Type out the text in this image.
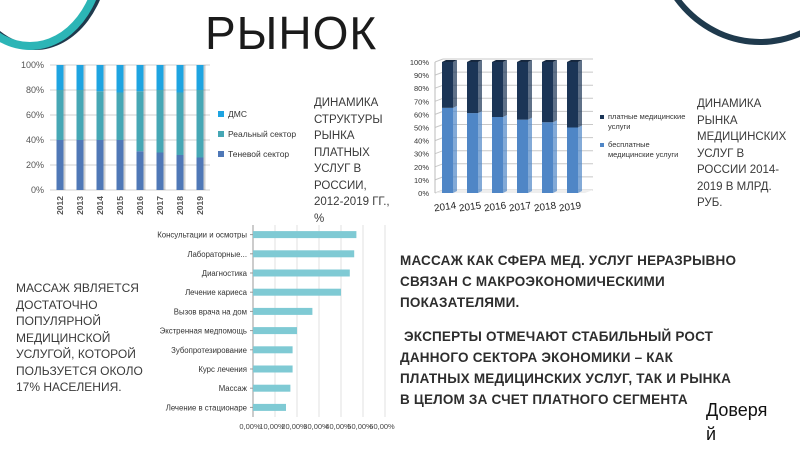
РЫНОК
0%
20%
40%
60%
80%
100%
2012 2013 2014 2015 2016 2017 2018 2019
ДМС
Реальный сектор
Теневой сектор
ДИНАМИКА СТРУКТУРЫ РЫНКА ПЛАТНЫХ УСЛУГ В РОССИИ, 2012-2019 ГГ., %
0%
10%
20%
30%
40%
50%
60%
70%
80%
90%
100%
2014 2015 2016 2017 2018 2019
платные медицинские услуги
бесплатные медицинские услуги
ДИНАМИКА РЫНКА МЕДИЦИНСКИХ УСЛУГ В РОССИИ 2014-2019 В МЛРД. РУБ.
0,00%
10,00%
20,00%
30,00%
40,00%
50,00%
60,00%
Консультации и осмотры
Лабораторные...
Диагностика
Лечение кариеса
Вызов врача на дом
Экстренная медпомощь
Зубопротезирование
Курс лечения
Массаж
Лечение в стационаре
МАССАЖ ЯВЛЯЕТСЯ ДОСТАТОЧНО ПОПУЛЯРНОЙ МЕДИЦИНСКОЙ УСЛУГОЙ, КОТОРОЙ ПОЛЬЗУЕТСЯ ОКОЛО 17% НАСЕЛЕНИЯ.
МАССАЖ КАК СФЕРА МЕД. УСЛУГ НЕРАЗРЫВНО СВЯЗАН С МАКРОЭКОНОМИЧЕСКИМИ ПОКАЗАТЕЛЯМИ.
ЭКСПЕРТЫ ОТМЕЧАЮТ СТАБИЛЬНЫЙ РОСТ ДАННОГО СЕКТОРА ЭКОНОМИКИ – КАК ПЛАТНЫХ МЕДИЦИНСКИХ УСЛУГ, ТАК И РЫНКА В ЦЕЛОМ ЗА СЧЕТ ПЛАТНОГО СЕГМЕНТА
Доверяй
